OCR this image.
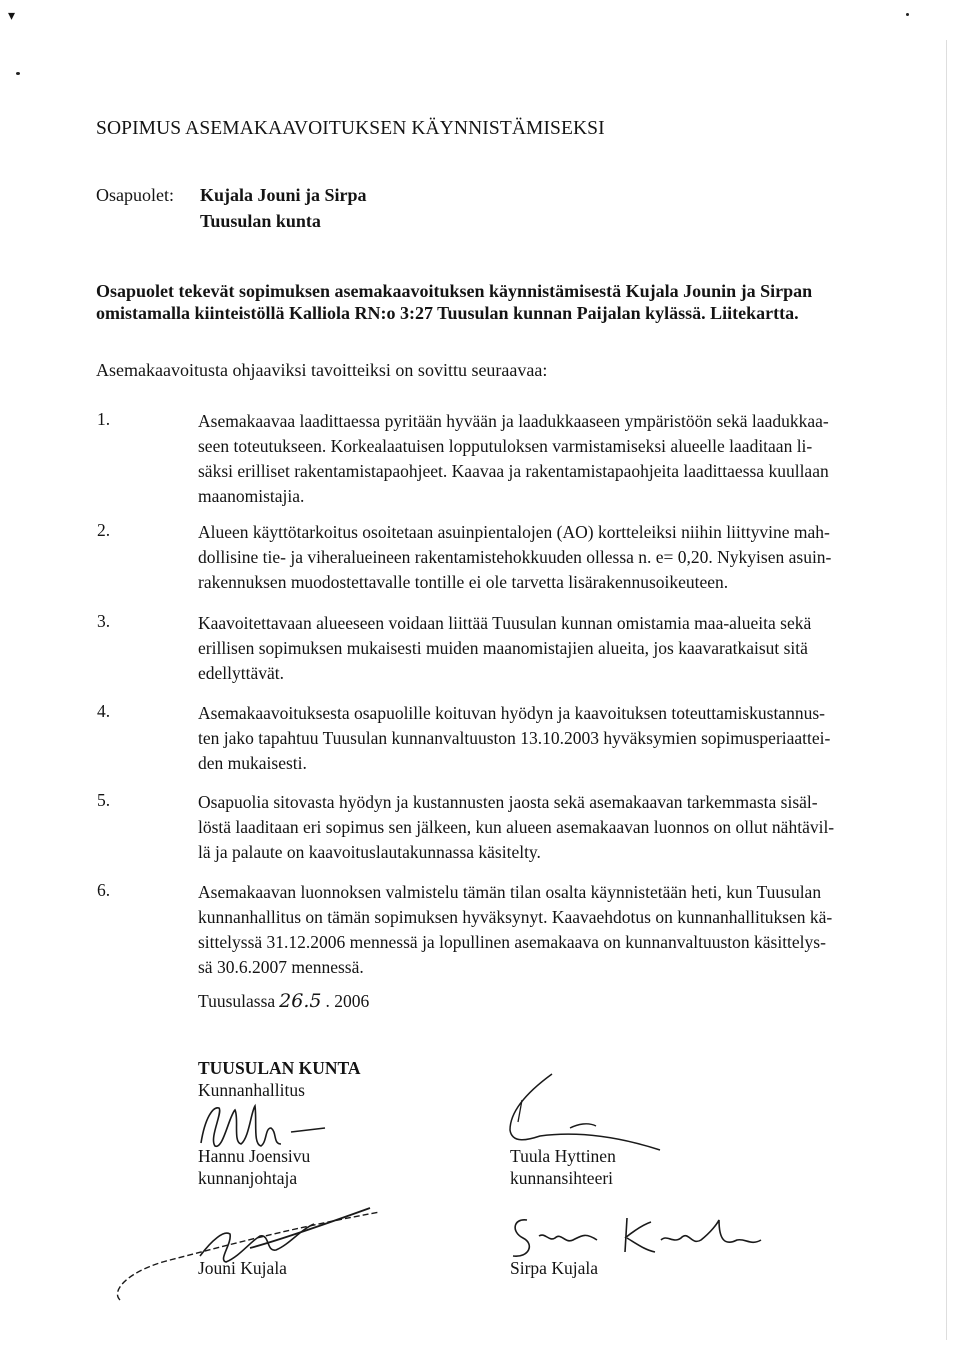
▾
SOPIMUS ASEMAKAAVOITUKSEN KÄYNNISTÄMISEKSI
Osapuolet: Kujala Jouni ja Sirpa
Tuusulan kunta
Osapuolet tekevät sopimuksen asemakaavoituksen käynnistämisestä Kujala Jounin ja Sirpan
omistamalla kiinteistöllä Kalliola RN:o 3:27 Tuusulan kunnan Paijalan kylässä. Liitekartta.
Asemakaavoitusta ohjaaviksi tavoitteiksi on sovittu seuraavaa:
1.	Asemakaavaa laadittaessa pyritään hyvään ja laadukkaaseen ympäristöön sekä laadukkaa-
seen toteutukseen. Korkealaatuisen lopputuloksen varmistamiseksi alueelle laaditaan li-
säksi erilliset rakentamistapaohjeet. Kaavaa ja rakentamistapaohjeita laadittaessa kuullaan
maanomistajia.
2.	Alueen käyttötarkoitus osoitetaan asuinpientalojen (AO) kortteleiksi niihin liittyvine mah-
dollisine tie- ja viheralueineen rakentamistehokkuuden ollessa n. e= 0,20. Nykyisen asuin-
rakennuksen muodostettavalle tontille ei ole tarvetta lisärakennusoikeuteen.
3.	Kaavoitettavaan alueeseen voidaan liittää Tuusulan kunnan omistamia maa-alueita sekä
erillisen sopimuksen mukaisesti muiden maanomistajien alueita, jos kaavaratkaisut sitä
edellyttävät.
4.	Asemakaavoituksesta osapuolille koituvan hyödyn ja kaavoituksen toteuttamiskustannus-
ten jako tapahtuu Tuusulan kunnanvaltuuston 13.10.2003 hyväksymien sopimusperiaattei-
den mukaisesti.
5.	Osapuolia sitovasta hyödyn ja kustannusten jaosta sekä asemakaavan tarkemmasta sisäl-
löstä laaditaan eri sopimus sen jälkeen, kun alueen asemakaavan luonnos on ollut nähtävil-
lä ja palaute on kaavoituslautakunnassa käsitelty.
6.	Asemakaavan luonnoksen valmistelu tämän tilan osalta käynnistetään heti, kun Tuusulan
kunnanhallitus on tämän sopimuksen hyväksynyt. Kaavaehdotus on kunnanhallituksen kä-
sittelyssä 31.12.2006 mennessä ja lopullinen asemakaava on kunnanvaltuuston käsittelys-
sä 30.6.2007 mennessä.
Tuusulassa 26.5 . 2006
TUUSULAN KUNTA
Kunnanhallitus
Hannu Joensivu
kunnanjohtaja
Tuula Hyttinen
kunnansihteeri
Jouni Kujala	Sirpa Kujala
